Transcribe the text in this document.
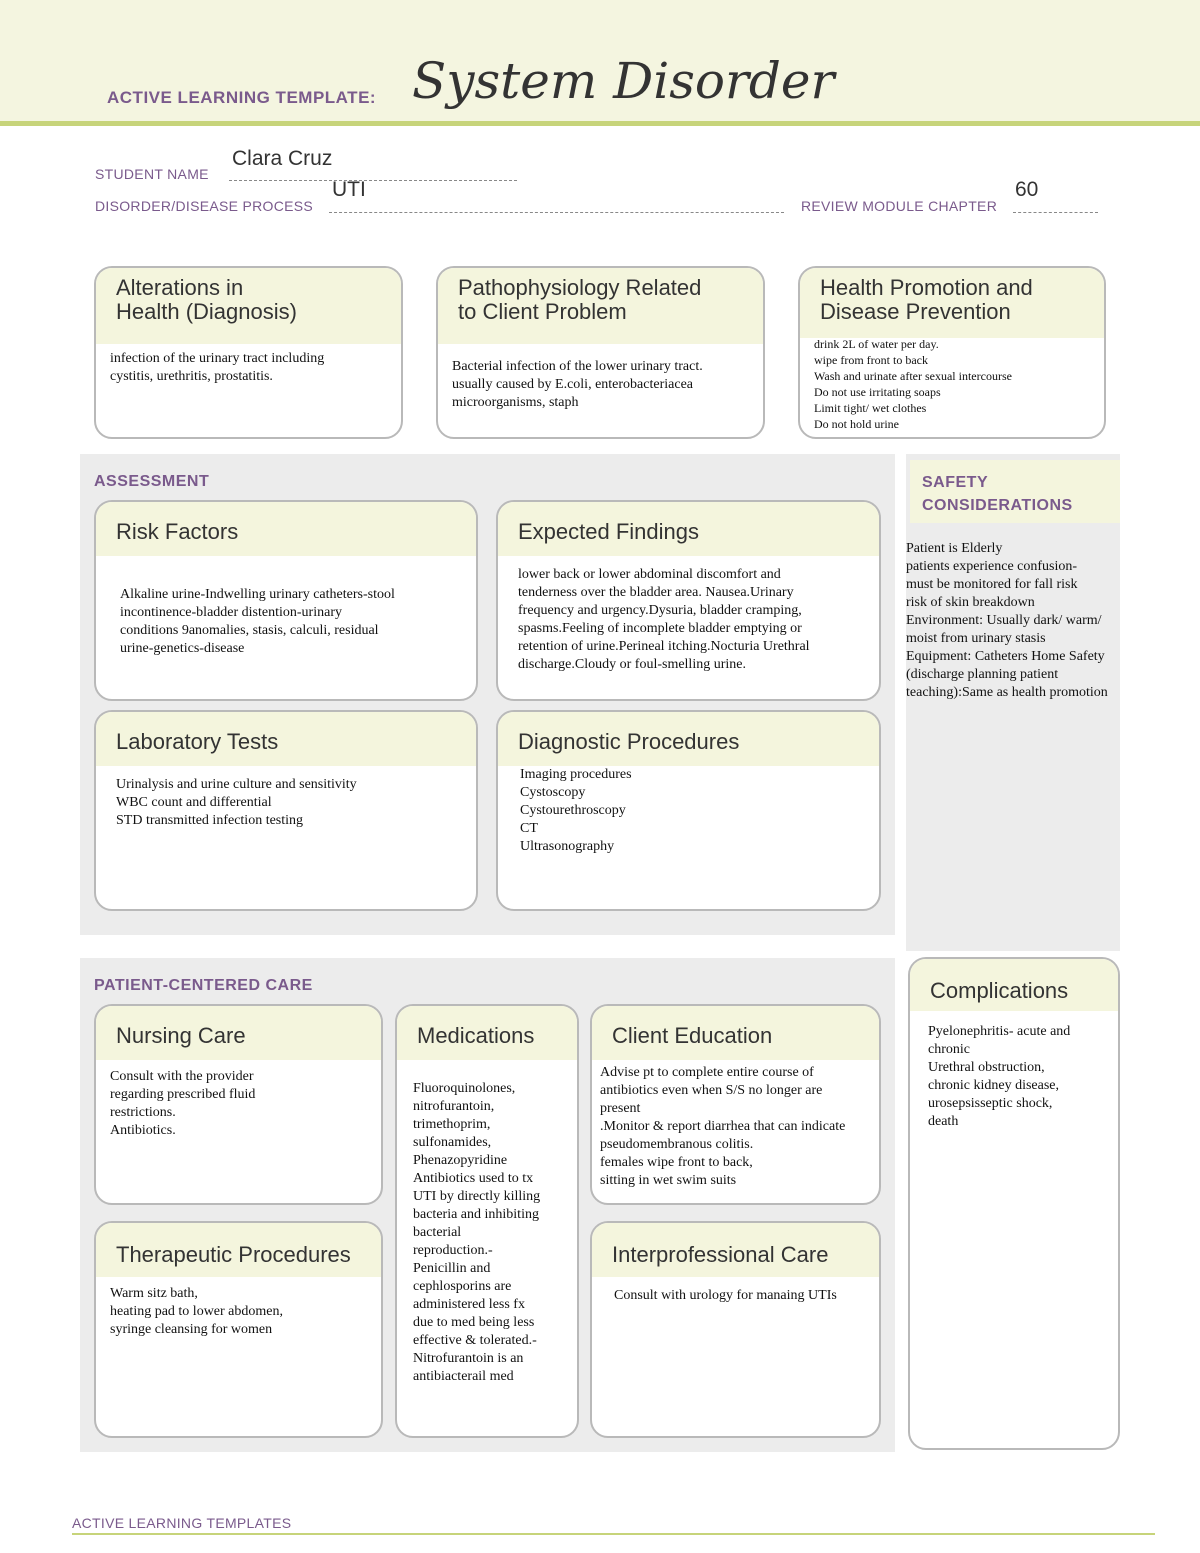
ACTIVE LEARNING TEMPLATE: System Disorder
STUDENT NAME
Clara Cruz
DISORDER/DISEASE PROCESS
UTI
REVIEW MODULE CHAPTER
60
Alterations in
Health (Diagnosis)
infection of the urinary tract including
cystitis, urethritis, prostatitis.
Pathophysiology Related
to Client Problem
Bacterial infection of the lower urinary tract.
usually caused by E.coli, enterobacteriacea
microorganisms, staph
Health Promotion and
Disease Prevention
drink 2L of water per day.
wipe from front to back
Wash and urinate after sexual intercourse
Do not use irritating soaps
Limit tight/ wet clothes
Do not hold urine
ASSESSMENT
Risk Factors
Alkaline urine-Indwelling urinary catheters-stool
incontinence-bladder distention-urinary
conditions 9anomalies, stasis, calculi, residual
urine-genetics-disease
Expected Findings
lower back or lower abdominal discomfort and
tenderness over the bladder area. Nausea.Urinary
frequency and urgency.Dysuria, bladder cramping,
spasms.Feeling of incomplete bladder emptying or
retention of urine.Perineal itching.Nocturia Urethral
discharge.Cloudy or foul-smelling urine.
Laboratory Tests
Urinalysis and urine culture and sensitivity
WBC count and differential
STD transmitted infection testing
Diagnostic Procedures
Imaging procedures
Cystoscopy
Cystourethroscopy
CT
Ultrasonography
SAFETY
CONSIDERATIONS
Patient is Elderly
patients experience confusion-
must be monitored for fall risk
risk of skin breakdown
Environment: Usually dark/ warm/
moist from urinary stasis
Equipment: Catheters Home Safety
(discharge planning patient
teaching):Same as health promotion
PATIENT-CENTERED CARE
Nursing Care
Consult with the provider
regarding prescribed fluid
restrictions.
Antibiotics.
Medications
Fluoroquinolones,
nitrofurantoin,
trimethoprim,
sulfonamides,
Phenazopyridine
Antibiotics used to tx
UTI by directly killing
bacteria and inhibiting
bacterial
reproduction.-
Penicillin and
cephlosporins are
administered less fx
due to med being less
effective & tolerated.-
Nitrofurantoin is an
antibiacterail med
Client Education
Advise pt to complete entire course of
antibiotics even when S/S no longer are
present
.Monitor & report diarrhea that can indicate
pseudomembranous colitis.
females wipe front to back,
sitting in wet swim suits
Therapeutic Procedures
Warm sitz bath,
heating pad to lower abdomen,
syringe cleansing for women
Interprofessional Care
Consult with urology for manaing UTIs
Complications
Pyelonephritis- acute and
chronic
Urethral obstruction,
chronic kidney disease,
urosepsisseptic shock,
death
ACTIVE LEARNING TEMPLATES
